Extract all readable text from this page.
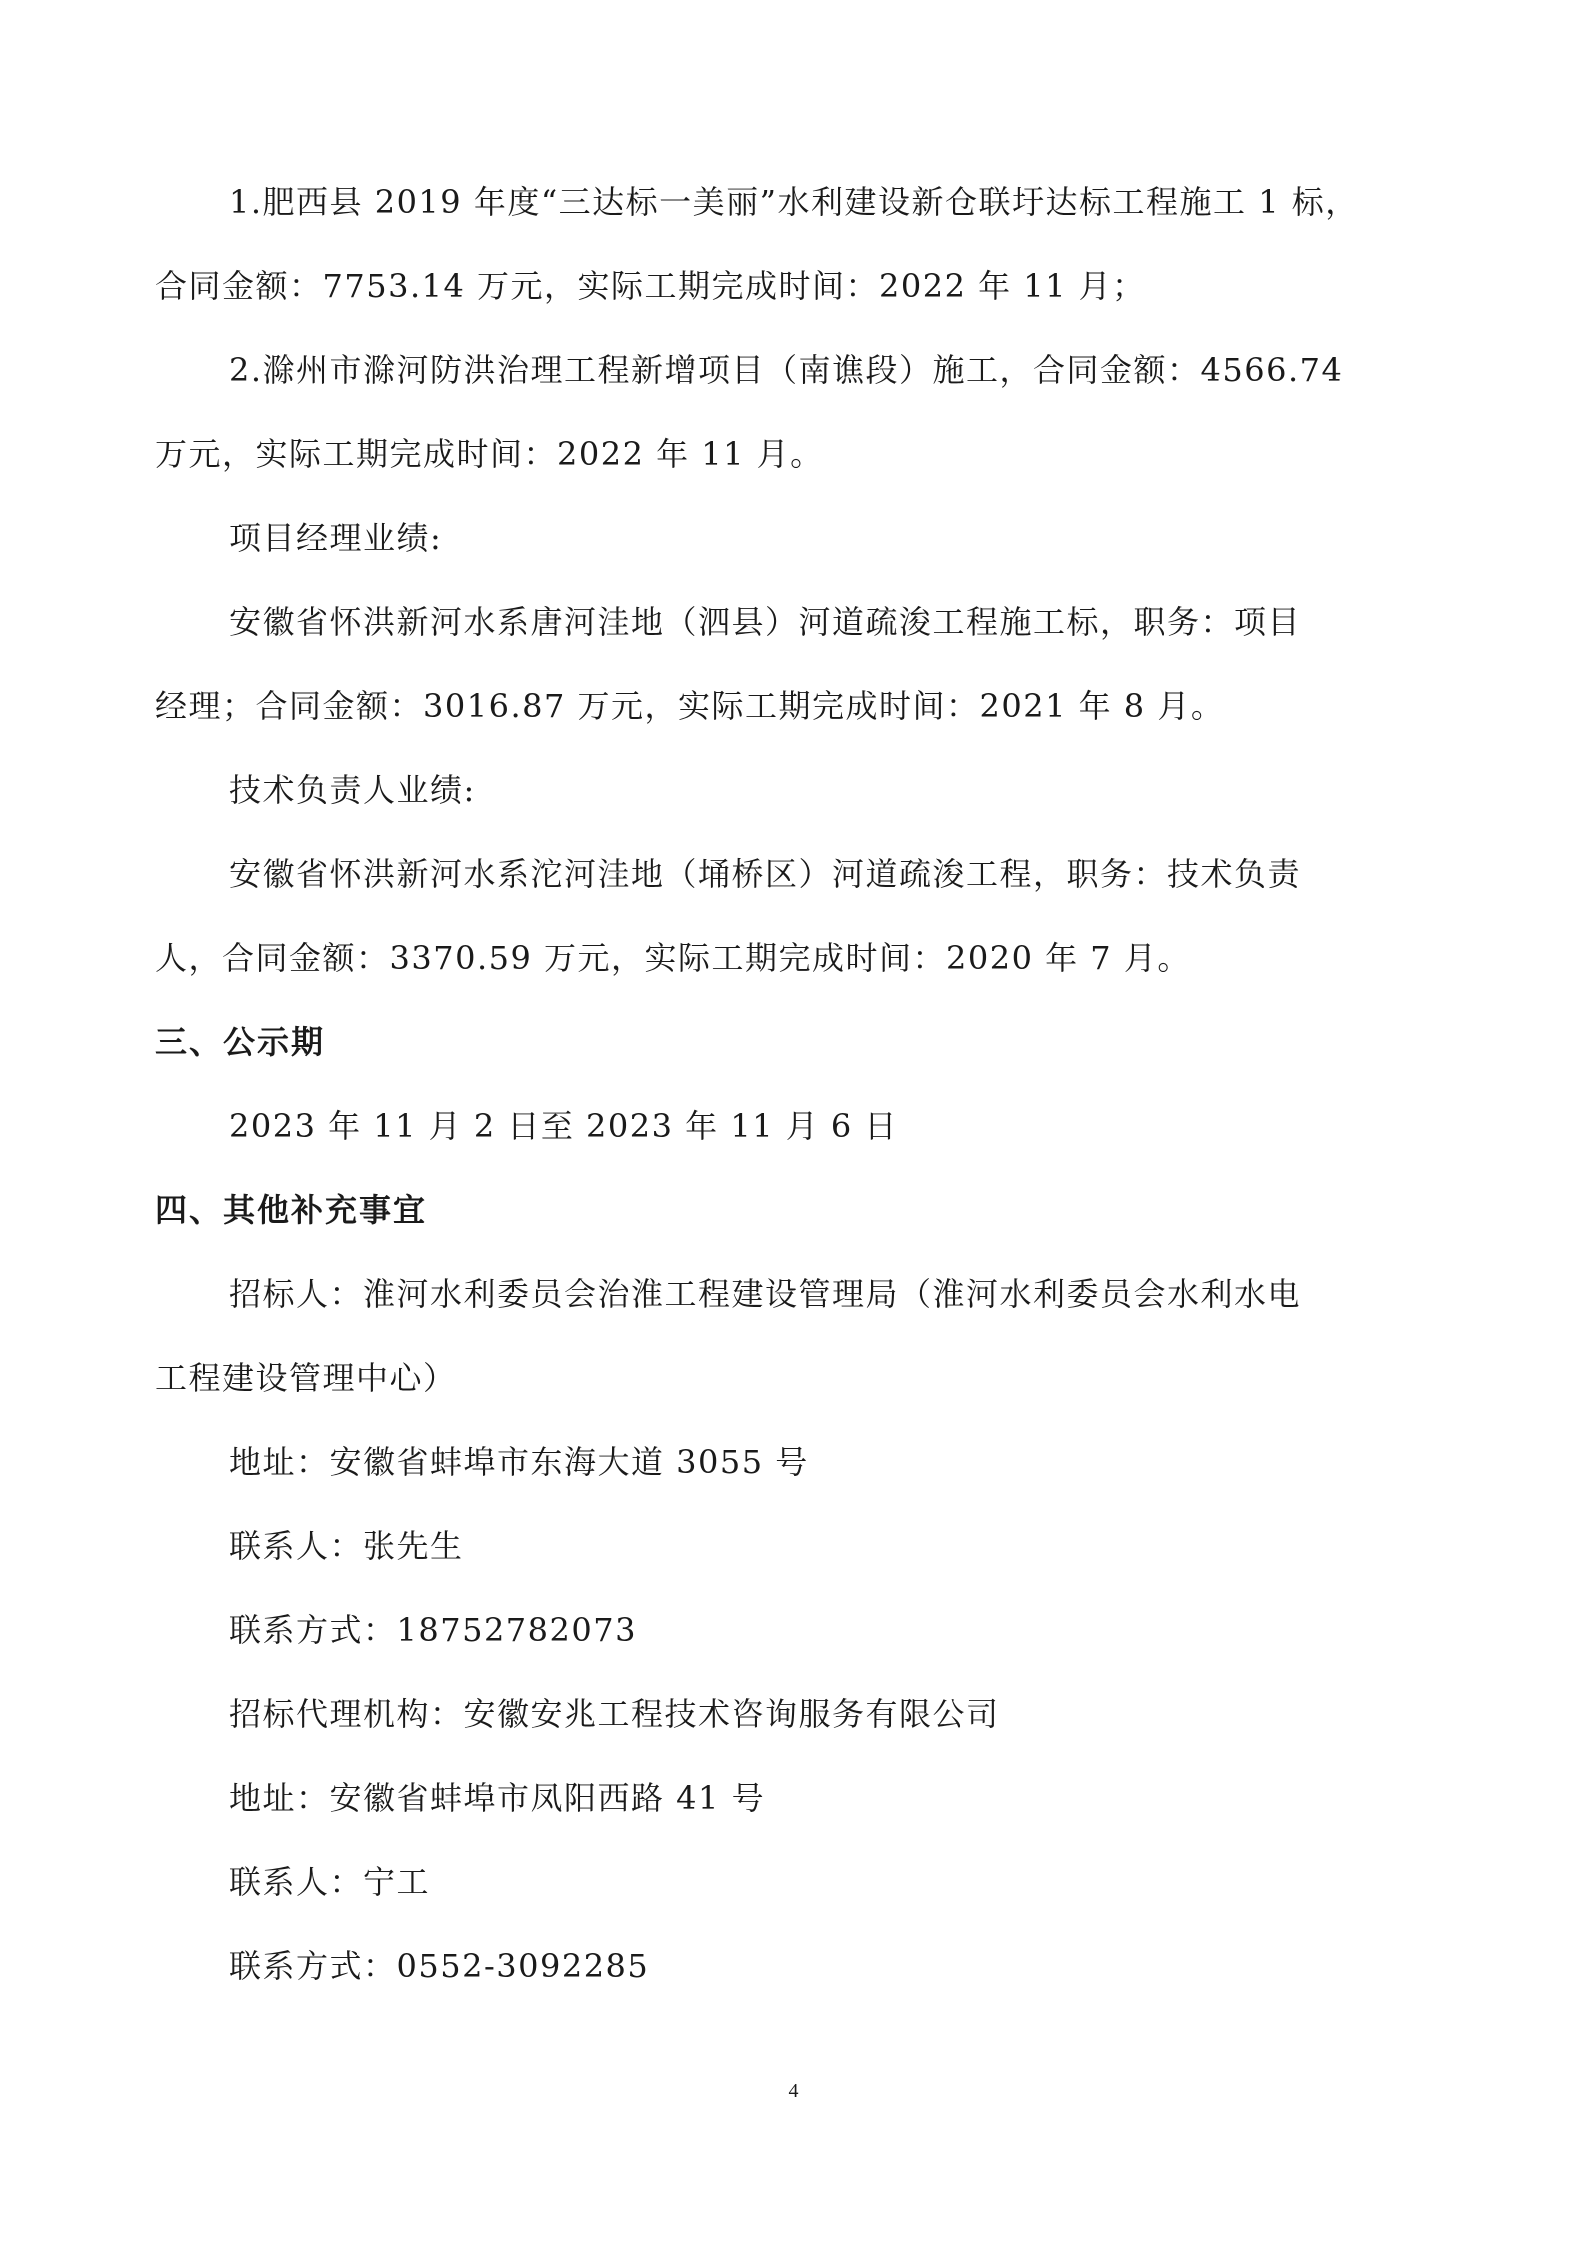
1.肥西县 2019 年度“三达标一美丽”水利建设新仓联圩达标工程施工 1 标，
合同金额：7753.14 万元，实际工期完成时间：2022 年 11 月；
2.滁州市滁河防洪治理工程新增项目（南谯段）施工，合同金额：4566.74
万元，实际工期完成时间：2022 年 11 月。
项目经理业绩:
安徽省怀洪新河水系唐河洼地（泗县）河道疏浚工程施工标，职务：项目
经理；合同金额：3016.87 万元，实际工期完成时间：2021 年 8 月。
技术负责人业绩:
安徽省怀洪新河水系沱河洼地（埇桥区）河道疏浚工程，职务：技术负责
人，合同金额：3370.59 万元，实际工期完成时间：2020 年 7 月。
三、公示期
2023 年 11 月 2 日至 2023 年 11 月 6 日
四、其他补充事宜
招标人：淮河水利委员会治淮工程建设管理局（淮河水利委员会水利水电
工程建设管理中心）
地址：安徽省蚌埠市东海大道 3055 号
联系人：张先生
联系方式：18752782073
招标代理机构：安徽安兆工程技术咨询服务有限公司
地址：安徽省蚌埠市凤阳西路 41 号
联系人：宁工
联系方式：0552-3092285
4
